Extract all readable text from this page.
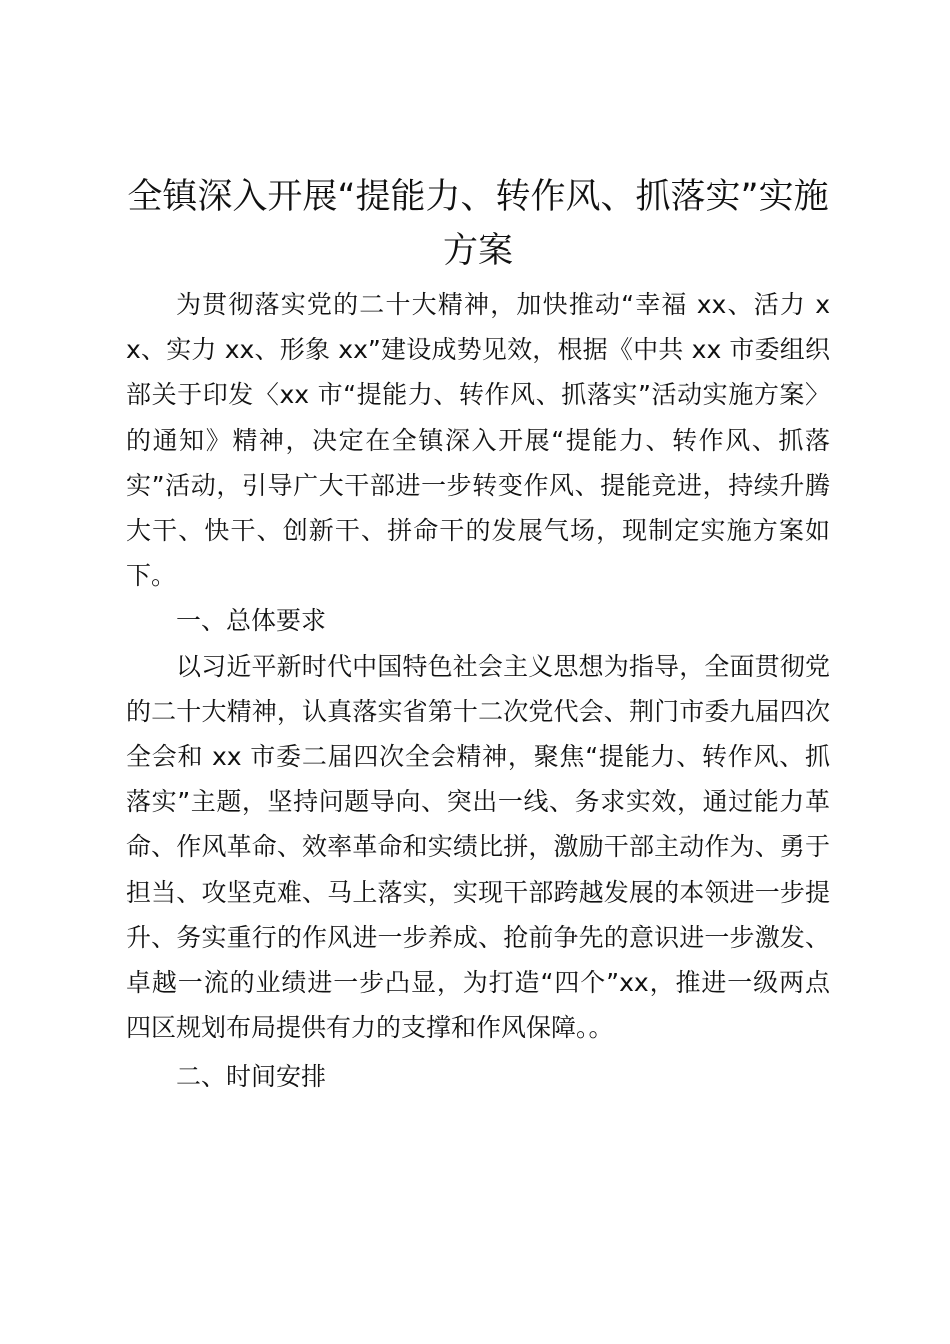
全镇深入开展“提能力、转作风、抓落实”实施方案

为贯彻落实党的二十大精神，加快推动“幸福 xx、活力 xx、实力 xx、形象 xx”建设成势见效，根据《中共 xx 市委组织部关于印发〈xx 市“提能力、转作风、抓落实”活动实施方案〉的通知》精神，决定在全镇深入开展“提能力、转作风、抓落实”活动，引导广大干部进一步转变作风、提能竞进，持续升腾大干、快干、创新干、拼命干的发展气场，现制定实施方案如下。

一、总体要求

以习近平新时代中国特色社会主义思想为指导，全面贯彻党的二十大精神，认真落实省第十二次党代会、荆门市委九届四次全会和 xx 市委二届四次全会精神，聚焦“提能力、转作风、抓落实”主题，坚持问题导向、突出一线、务求实效，通过能力革命、作风革命、效率革命和实绩比拼，激励干部主动作为、勇于担当、攻坚克难、马上落实，实现干部跨越发展的本领进一步提升、务实重行的作风进一步养成、抢前争先的意识进一步激发、卓越一流的业绩进一步凸显，为打造“四个”xx，推进一级两点四区规划布局提供有力的支撑和作风保障。。

二、时间安排
